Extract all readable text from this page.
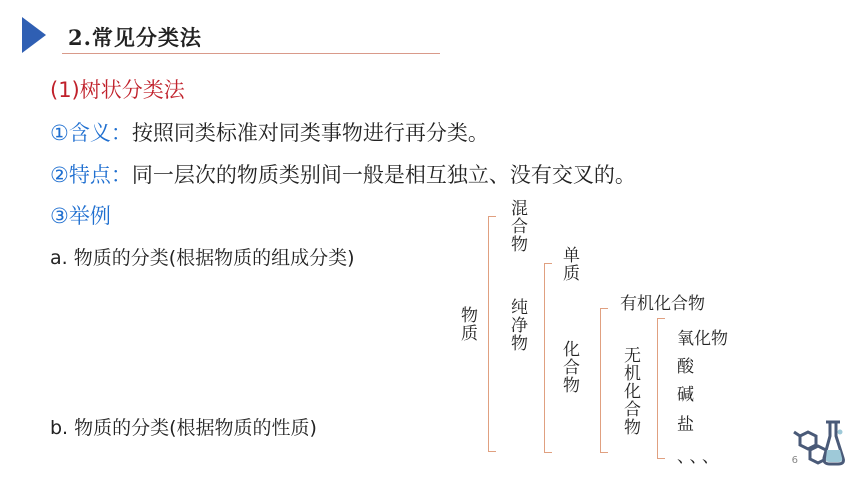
2.常见分类法
(1)树状分类法
①含义：按照同类标准对同类事物进行再分类。
②特点：同一层次的物质类别间一般是相互独立、没有交叉的。
③举例
a. 物质的分类(根据物质的组成分类)
b. 物质的分类(根据物质的性质)
物质
混合物
纯净物
单质
化合物
有机化合物
无机化合物
氧化物
酸
碱
盐
、、、	6
